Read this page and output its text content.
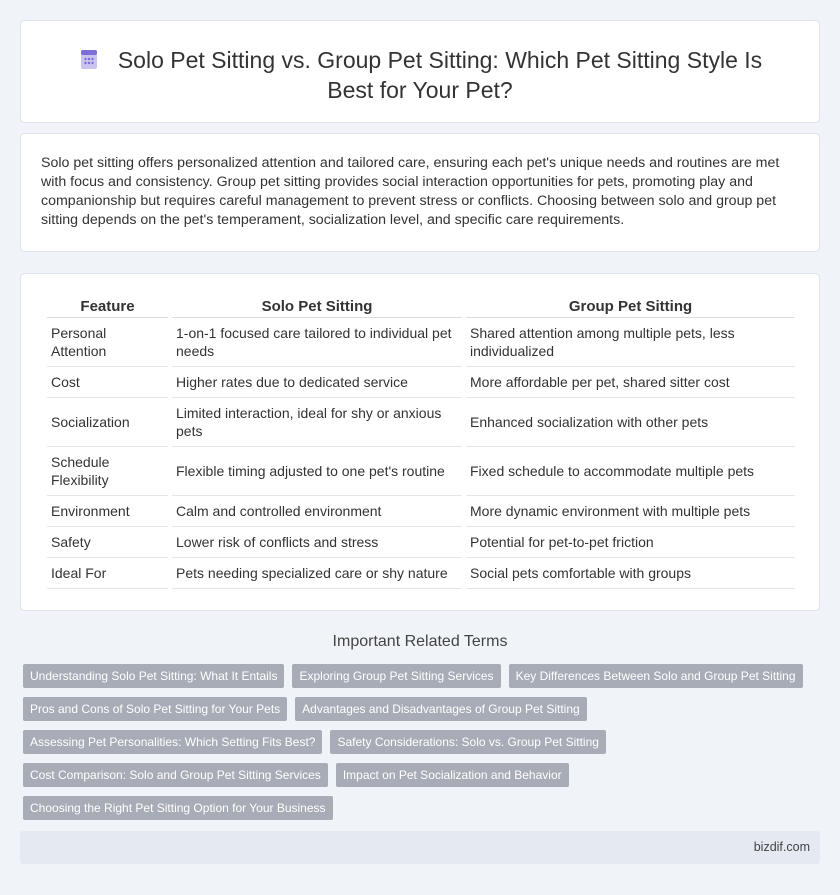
Solo Pet Sitting vs. Group Pet Sitting: Which Pet Sitting Style Is Best for Your Pet?

Solo pet sitting offers personalized attention and tailored care, ensuring each pet's unique needs and routines are met with focus and consistency. Group pet sitting provides social interaction opportunities for pets, promoting play and companionship but requires careful management to prevent stress or conflicts. Choosing between solo and group pet sitting depends on the pet's temperament, socialization level, and specific care requirements.

Feature	Solo Pet Sitting	Group Pet Sitting
Personal Attention	1-on-1 focused care tailored to individual pet needs	Shared attention among multiple pets, less individualized
Cost	Higher rates due to dedicated service	More affordable per pet, shared sitter cost
Socialization	Limited interaction, ideal for shy or anxious pets	Enhanced socialization with other pets
Schedule Flexibility	Flexible timing adjusted to one pet's routine	Fixed schedule to accommodate multiple pets
Environment	Calm and controlled environment	More dynamic environment with multiple pets
Safety	Lower risk of conflicts and stress	Potential for pet-to-pet friction
Ideal For	Pets needing specialized care or shy nature	Social pets comfortable with groups
Important Related Terms
Understanding Solo Pet Sitting: What It Entails	Exploring Group Pet Sitting Services	Key Differences Between Solo and Group Pet Sitting
Pros and Cons of Solo Pet Sitting for Your Pets	Advantages and Disadvantages of Group Pet Sitting
Assessing Pet Personalities: Which Setting Fits Best?	Safety Considerations: Solo vs. Group Pet Sitting
Cost Comparison: Solo and Group Pet Sitting Services	Impact on Pet Socialization and Behavior
Choosing the Right Pet Sitting Option for Your Business
bizdif.com
